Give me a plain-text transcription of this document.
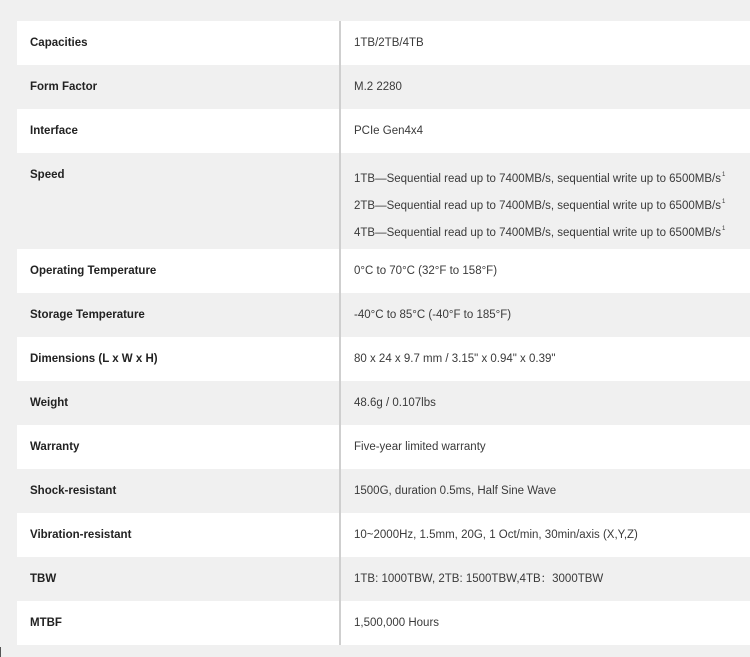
Capacities	1TB/2TB/4TB
Form Factor	M.2 2280
Interface	PCIe Gen4x4
Speed	1TB—Sequential read up to 7400MB/s, sequential write up to $6500MB/s^1$
2TB—Sequential read up to 7400MB/s, sequential write up to $6500MB/s^1$
4TB—Sequential read up to 7400MB/s, sequential write up to $6500MB/s^1$

Operating Temperature	0°C to 70°C (32°F to 158°F)
Storage Temperature	-40°C to 85°C (-40°F to 185°F)
Dimensions (L x W x H)	80 x 24 x 9.7 mm / 3.15" x 0.94" x 0.39"
Weight	48.6g / 0.107lbs
Warranty	Five-year limited warranty
Shock-resistant	1500G, duration 0.5ms, Half Sine Wave
Vibration-resistant	10~2000Hz, 1.5mm, 20G, 1 Oct/min, 30min/axis (X,Y,Z)
TBW	1TB: 1000TBW, 2TB: 1500TBW,4TB：3000TBW
MTBF	1,500,000 Hours
